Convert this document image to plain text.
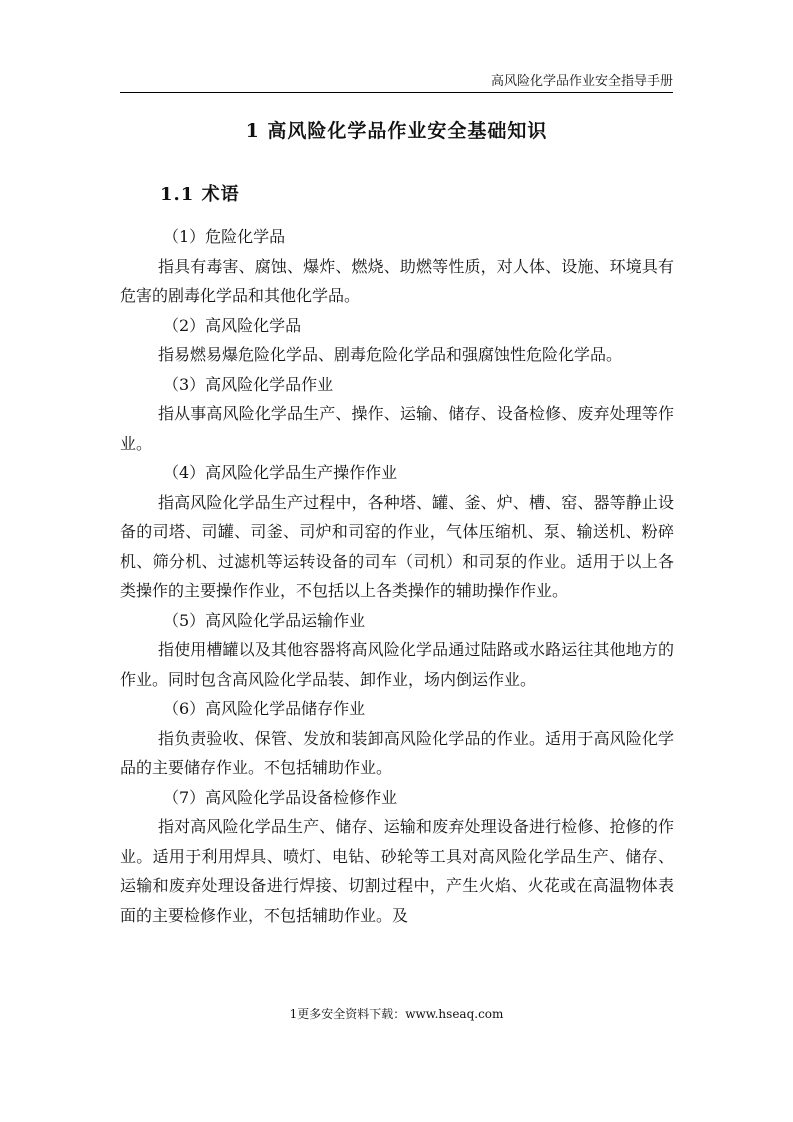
高风险化学品作业安全指导手册
1 高风险化学品作业安全基础知识
1.1 术语
（1）危险化学品
指具有毒害、腐蚀、爆炸、燃烧、助燃等性质，对人体、设施、环境具有危害的剧毒化学品和其他化学品。
（2）高风险化学品
指易燃易爆危险化学品、剧毒危险化学品和强腐蚀性危险化学品。
（3）高风险化学品作业
指从事高风险化学品生产、操作、运输、储存、设备检修、废弃处理等作业。
（4）高风险化学品生产操作作业
指高风险化学品生产过程中，各种塔、罐、釜、炉、槽、窑、器等静止设备的司塔、司罐、司釜、司炉和司窑的作业，气体压缩机、泵、输送机、粉碎机、筛分机、过滤机等运转设备的司车（司机）和司泵的作业。适用于以上各类操作的主要操作作业，不包括以上各类操作的辅助操作作业。
（5）高风险化学品运输作业
指使用槽罐以及其他容器将高风险化学品通过陆路或水路运往其他地方的作业。同时包含高风险化学品装、卸作业，场内倒运作业。
（6）高风险化学品储存作业
指负责验收、保管、发放和装卸高风险化学品的作业。适用于高风险化学品的主要储存作业。不包括辅助作业。
（7）高风险化学品设备检修作业
指对高风险化学品生产、储存、运输和废弃处理设备进行检修、抢修的作业。适用于利用焊具、喷灯、电钻、砂轮等工具对高风险化学品生产、储存、运输和废弃处理设备进行焊接、切割过程中，产生火焰、火花或在高温物体表面的主要检修作业，不包括辅助作业。及
1更多安全资料下载：www.hseaq.com
